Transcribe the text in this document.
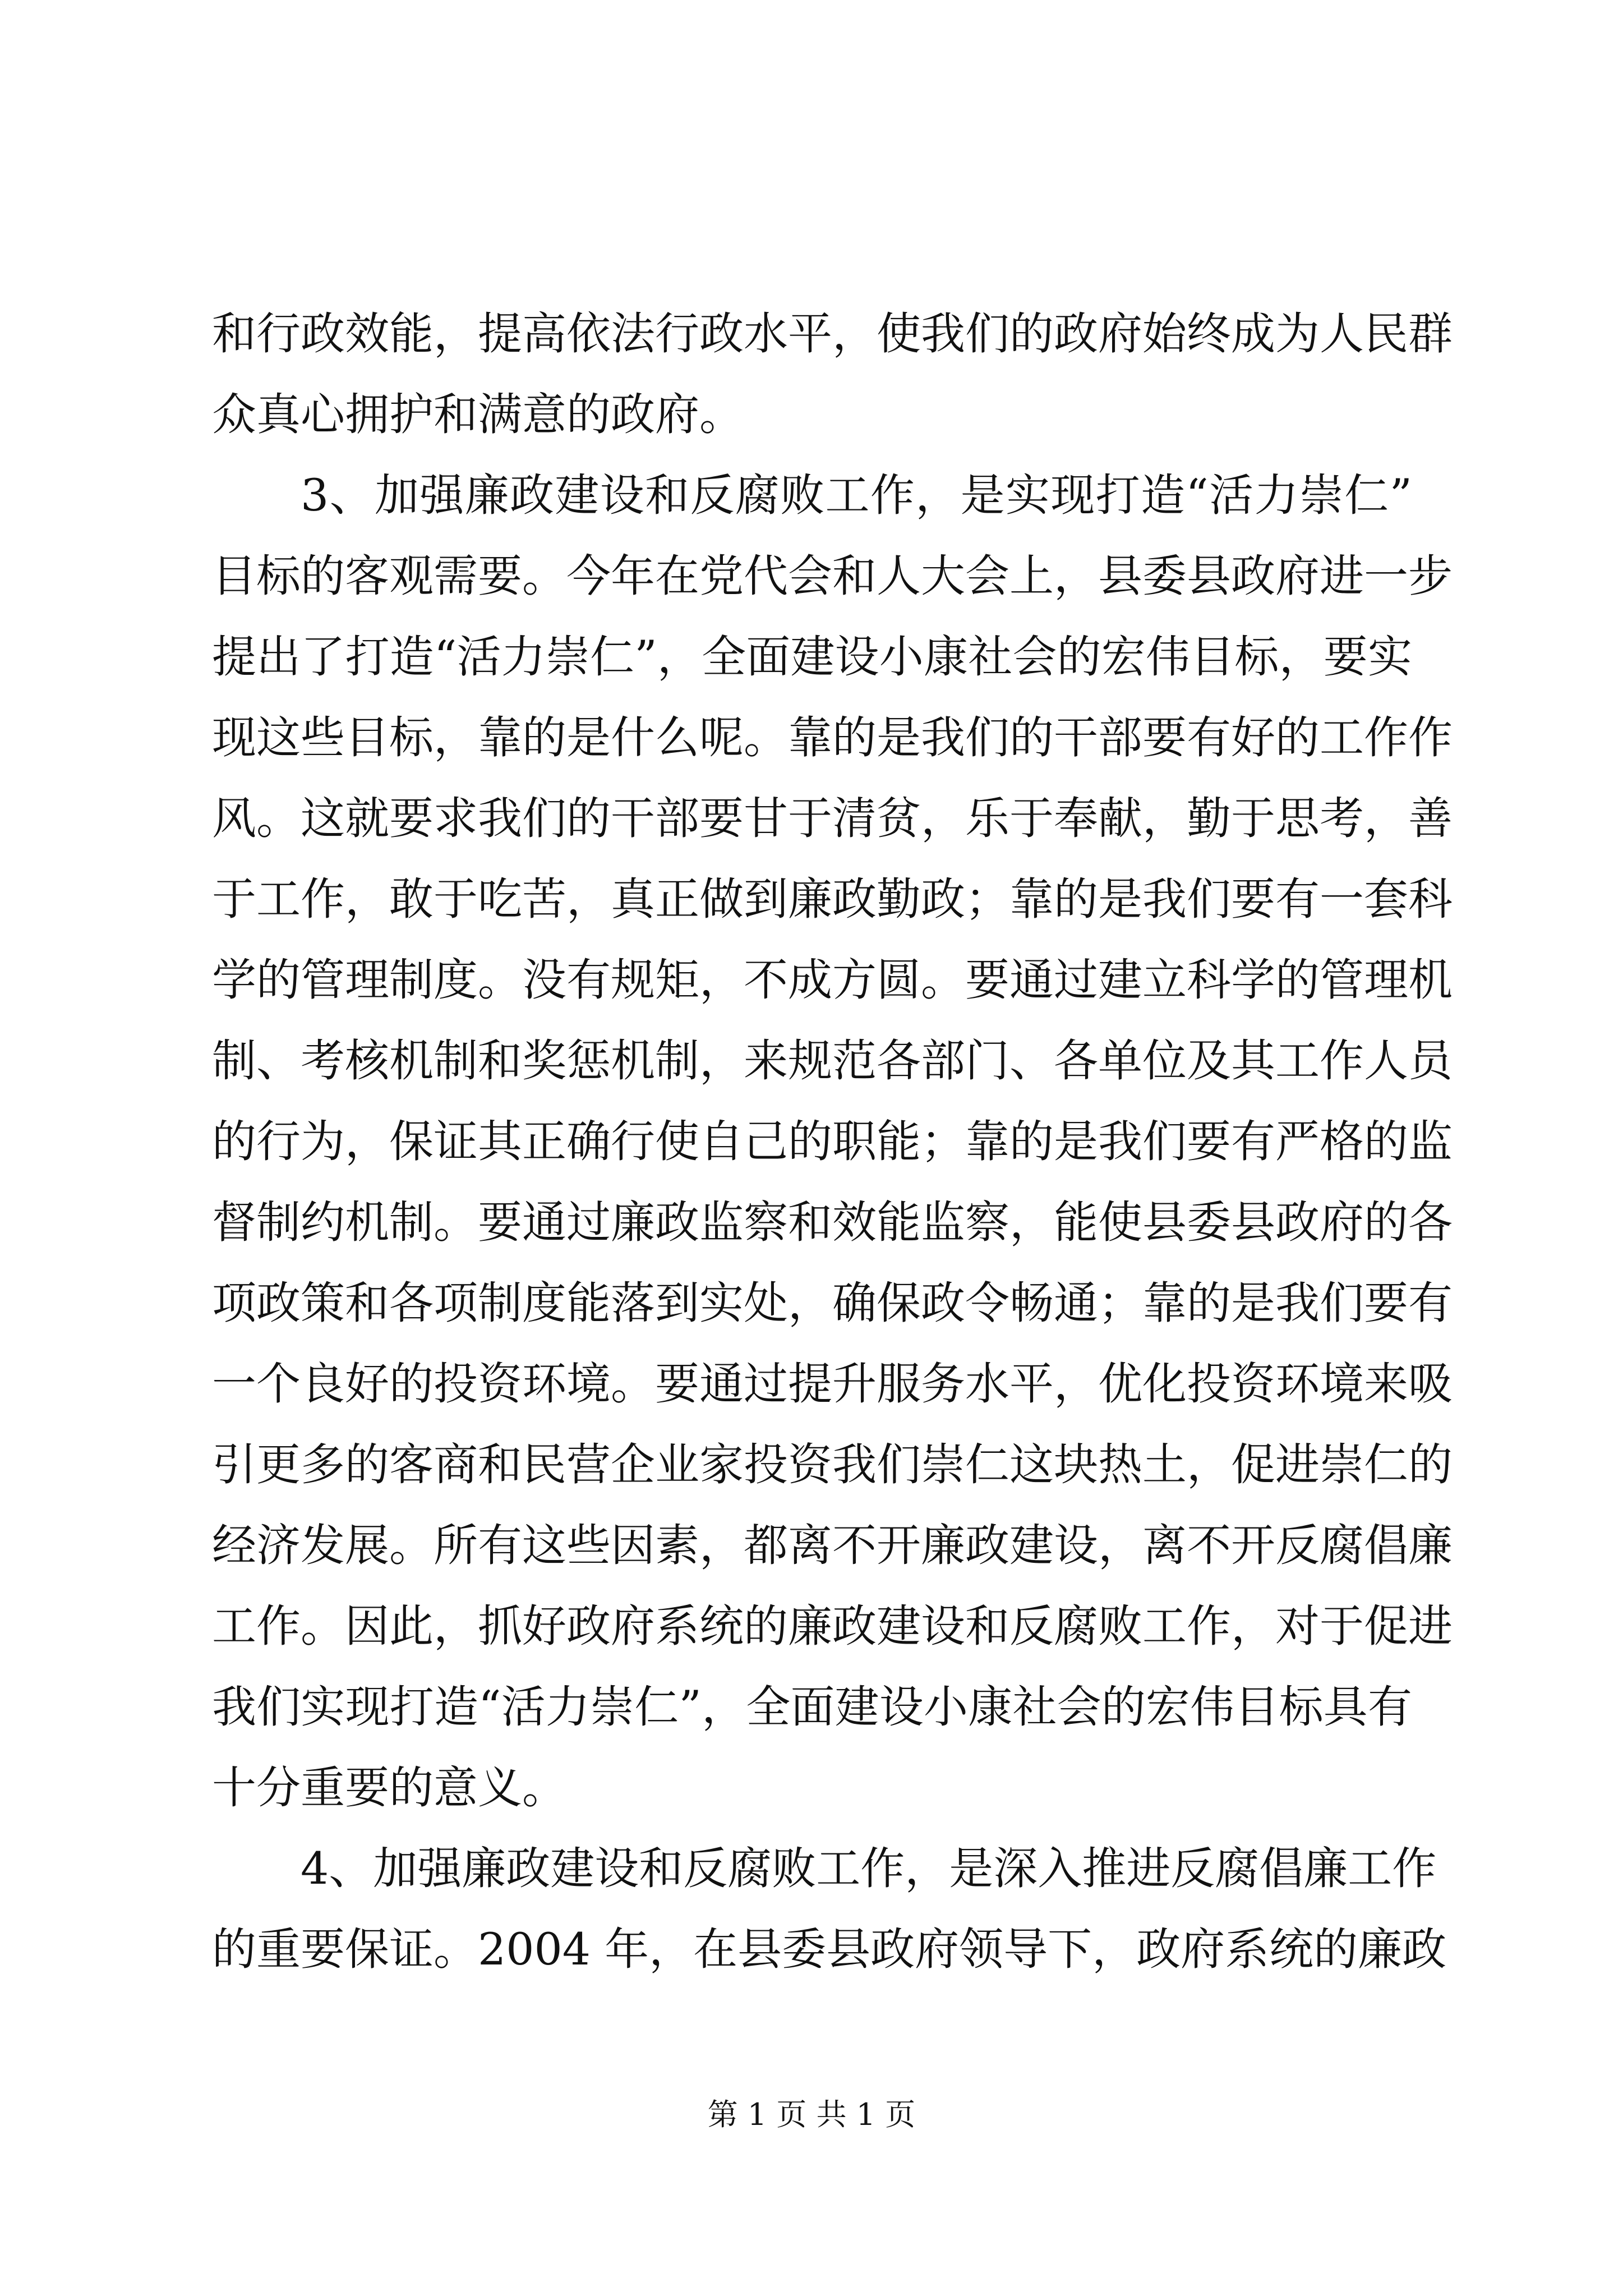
和行政效能，提高依法行政水平，使我们的政府始终成为人民群
众真心拥护和满意的政府。
3、加强廉政建设和反腐败工作，是实现打造“活力崇仁”
目标的客观需要。今年在党代会和人大会上，县委县政府进一步
提出了打造“活力崇仁”，全面建设小康社会的宏伟目标，要实
现这些目标，靠的是什么呢。靠的是我们的干部要有好的工作作
风。这就要求我们的干部要甘于清贫，乐于奉献，勤于思考，善
于工作，敢于吃苦，真正做到廉政勤政；靠的是我们要有一套科
学的管理制度。没有规矩，不成方圆。要通过建立科学的管理机
制、考核机制和奖惩机制，来规范各部门、各单位及其工作人员
的行为，保证其正确行使自己的职能；靠的是我们要有严格的监
督制约机制。要通过廉政监察和效能监察，能使县委县政府的各
项政策和各项制度能落到实处，确保政令畅通；靠的是我们要有
一个良好的投资环境。要通过提升服务水平，优化投资环境来吸
引更多的客商和民营企业家投资我们崇仁这块热土，促进崇仁的
经济发展。所有这些因素，都离不开廉政建设，离不开反腐倡廉
工作。因此，抓好政府系统的廉政建设和反腐败工作，对于促进
我们实现打造“活力崇仁”，全面建设小康社会的宏伟目标具有
十分重要的意义。
4、加强廉政建设和反腐败工作，是深入推进反腐倡廉工作
的重要保证。2004 年，在县委县政府领导下，政府系统的廉政
第 1 页 共 1 页
